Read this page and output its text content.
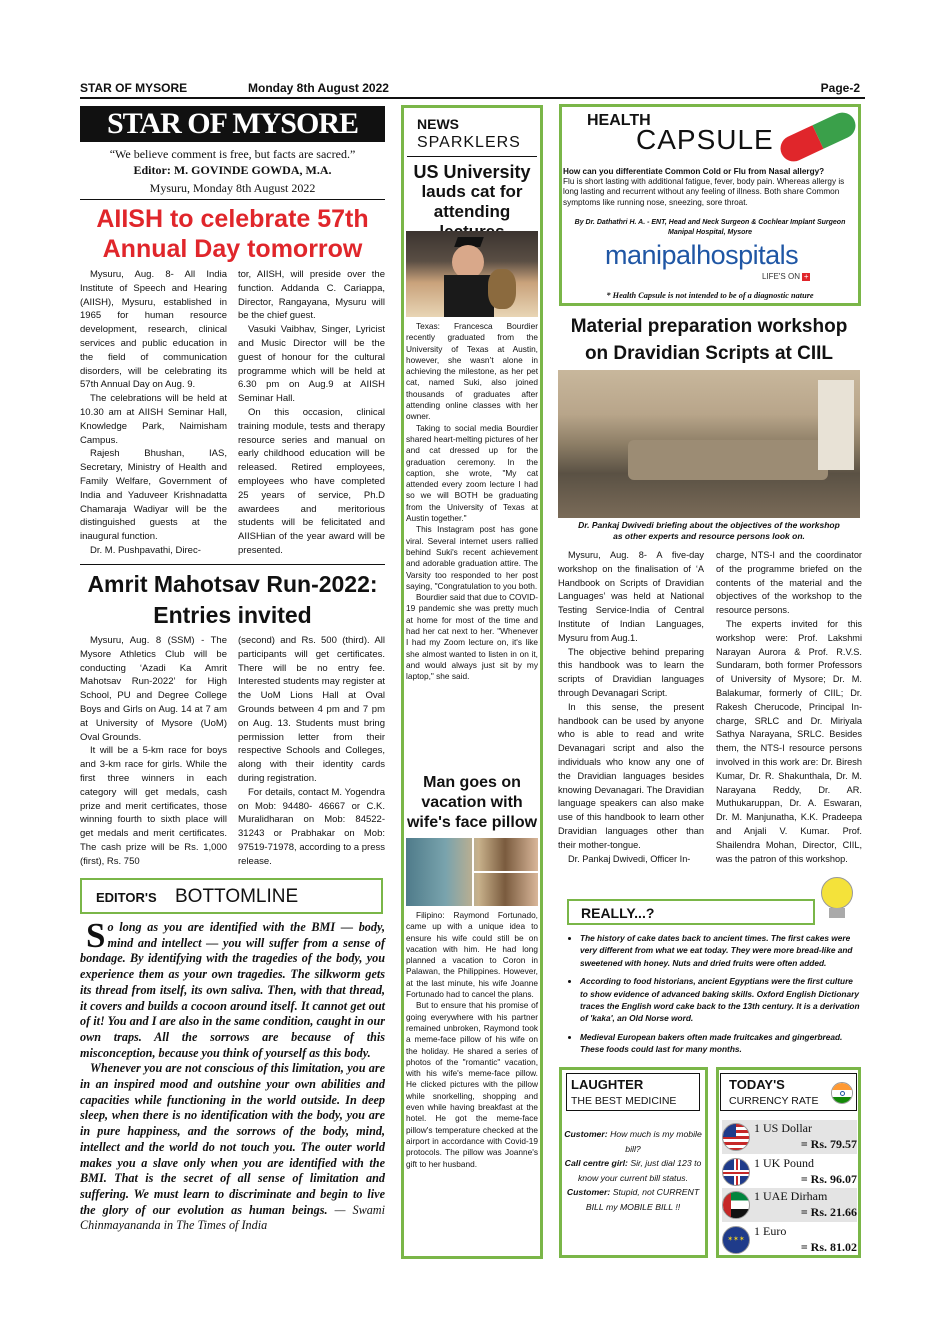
STAR OF MYSORE	Monday 8th August 2022	Page-2
STAR OF MYSORE
“We believe comment is free, but facts are sacred.”
Editor: M. GOVINDE GOWDA, M.A.
Mysuru, Monday 8th August 2022
AIISH to celebrate 57th
Annual Day tomorrow

Mysuru, Aug. 8- All India Institute of Speech and Hearing (AIISH), Mysuru, established in 1965 for human resource development, research, clinical services and public education in the field of communication disorders, will be celebrating its 57th Annual Day on Aug. 9.

The celebrations will be held at 10.30 am at AIISH Seminar Hall, Knowledge Park, Naimisham Campus.

Rajesh Bhushan, IAS, Secretary, Ministry of Health and Family Welfare, Government of India and Yaduveer Krishnadatta Chamaraja Wadiyar will be the distinguished guests at the inaugural function.

Dr. M. Pushpavathi, Direc-

tor, AIISH, will preside over the function. Addanda C. Cariappa, Director, Rangayana, Mysuru will be the chief guest.

Vasuki Vaibhav, Singer, Lyricist and Music Director will be the guest of honour for the cultural programme which will be held at 6.30 pm on Aug.9 at AIISH Seminar Hall.

On this occasion, clinical training module, tests and therapy resource series and manual on early childhood education will be released. Retired employees, employees who have completed 25 years of service, Ph.D awardees and meritorious students will be felicitated and AIISHian of the year award will be presented.

Amrit Mahotsav Run-2022:
Entries invited

Mysuru, Aug. 8 (SSM) - The Mysore Athletics Club will be conducting ‘Azadi Ka Amrit Mahotsav Run-2022’ for High School, PU and Degree College Boys and Girls on Aug. 14 at 7 am at University of Mysore (UoM) Oval Grounds.

It will be a 5-km race for boys and 3-km race for girls. While the first three winners in each category will get medals, cash prize and merit certificates, those winning fourth to sixth place will get medals and merit certificates. The cash prize will be Rs. 1,000 (first), Rs. 750

(second) and Rs. 500 (third). All participants will get certificates. There will be no entry fee. Interested students may register at the UoM Lions Hall at Oval Grounds between 4 pm and 7 pm on Aug. 13. Students must bring permission letter from their respective Schools and Colleges, along with their identity cards during registration.

For details, contact M. Yogendra on Mob: 94480- 46667 or C.K. Muralidharan on Mob: 84522-31243 or Prabhakar on Mob: 97519-71978, according to a press release.

EDITOR'S BOTTOMLINE
So long as you are identified with the BMI — body, mind and intellect — you will suffer from a sense of bondage. By identifying with the tragedies of the body, you experience them as your own tragedies. The silkworm gets its thread from itself, its own saliva. Then, with that thread, it covers and builds a cocoon around itself. It cannot get out of it! You and I are also in the same condition, caught in our own traps. All the sorrows are because of this misconception, because you think of yourself as this body.
Whenever you are not conscious of this limitation, you are in an inspired mood and outshine your own abilities and capacities while functioning in the world outside. In deep sleep, when there is no identification with the body, you are in pure happiness, and the sorrows of the body, mind, intellect and the world do not touch you. The outer world makes you a slave only when you are identified with the BMI. That is the secret of all sense of limitation and suffering. We must learn to discriminate and begin to live the glory of our evolution as human beings. — Swami Chinmayananda in The Times of India
NEWS
SPARKLERS
US University
lauds cat for
attending

Texas: Francesca Bourdier recently graduated from the University of Texas at Austin, however, she wasn’t alone in achieving the milestone, as her pet cat, named Suki, also joined thousands of graduates after attending online classes with her owner.

Taking to social media Bourdier shared heart-melting pictures of her and cat dressed up for the graduation ceremony. In the caption, she wrote, "My cat attended every zoom lecture I had so we will BOTH be graduating from the University of Texas at Austin together."

This Instagram post has gone viral. Several internet users rallied behind Suki's recent achievement and adorable graduation attire. The Varsity too responded to her post saying, "Congratulation to you both.

Bourdier said that due to COVID-19 pandemic she was pretty much at home for most of the time and had her cat next to her. "Whenever I had my Zoom lecture on, it's like she almost wanted to listen in on it, and would always just sit by my laptop," she said.

Man goes on
vacation with
wife's face pillow

Filipino: Raymond Fortunado, came up with a unique idea to ensure his wife could still be on vacation with him. He had long planned a vacation to Coron in Palawan, the Philippines. However, at the last minute, his wife Joanne Fortunado had to cancel the plans.

But to ensure that his promise of going everywhere with his partner remained unbroken, Raymond took a meme-face pillow of his wife on the holiday. He shared a series of photos of the "romantic" vacation, with his wife's meme-face pillow. He clicked pictures with the pillow while snorkelling, shopping and even while having breakfast at the hotel. He got the meme-face pillow's temperature checked at the airport in accordance with Covid-19 protocols. The pillow was Joanne's gift to her husband.

HEALTH
CAPSULE
How can you differentiate Common Cold or Flu from Nasal allergy?
Flu is short lasting with additional fatigue, fever, body pain. Whereas allergy is long lasting and recurrent without any feeling of illness. Both share Common symptoms like running nose, sneezing, sore throat.
By Dr. Dathathri H. A. - ENT, Head and Neck Surgeon & Cochlear Implant Surgeon
Manipal Hospital, Mysore
manipalhospitals
LIFE'S ON +
* Health Capsule is not intended to be of a diagnostic nature
Material preparation workshop
on Dravidian Scripts at CIIL
Dr. Pankaj Dwivedi briefing about the objectives of the workshop
as other experts and resource persons look on.

Mysuru, Aug. 8- A five-day workshop on the finalisation of ‘A Handbook on Scripts of Dravidian Languages’ was held at National Testing Service-India of Central Institute of Indian Languages, Mysuru from Aug.1.

The objective behind preparing this handbook was to learn the scripts of Dravidian languages through Devanagari Script.

In this sense, the present handbook can be used by anyone who is able to read and write Devanagari script and also the individuals who know any one of the Dravidian languages besides knowing Devanagari. The Dravidian language speakers can also make use of this handbook to learn other Dravidian languages other than their mother-tongue.

Dr. Pankaj Dwivedi, Officer In-

charge, NTS-I and the coordinator of the programme briefed on the contents of the material and the objectives of the workshop to the resource persons.

The experts invited for this workshop were: Prof. Lakshmi Narayan Aurora & Prof. R.V.S. Sundaram, both former Professors of University of Mysore; Dr. M. Balakumar, formerly of CIIL; Dr. Rakesh Cherucode, Principal In-charge, SRLC and Dr. Miriyala Sathya Narayana, SRLC. Besides them, the NTS-I resource persons involved in this work are: Dr. Biresh Kumar, Dr. R. Shakunthala, Dr. M. Narayana Reddy, Dr. AR. Muthukaruppan, Dr. A. Eswaran, Dr. M. Manjunatha, K.K. Pradeepa and Anjali V. Kumar. Prof. Shailendra Mohan, Director, CIIL, was the patron of this workshop.

REALLY...?
• The history of cake dates back to ancient times. The first cakes were very different from what we eat today. They were more bread-like and sweetened with honey. Nuts and dried fruits were often added.
• According to food historians, ancient Egyptians were the first culture to show evidence of advanced baking skills. Oxford English Dictionary traces the English word cake back to the 13th century. It is a derivation of 'kaka', an Old Norse word.
• Medieval European bakers often made fruitcakes and gingerbread. These foods could last for many months.
LAUGHTER
THE BEST MEDICINE
Customer: How much is my mobile bill?
Call centre girl: Sir, just dial 123 to know your current bill status.
Customer: Stupid, not CURRENT BILL my MOBILE BILL !!
TODAY'S
CURRENCY RATE
1 US Dollar
= Rs. 79.57
1 UK Pound
= Rs. 96.07
1 UAE Dirham
= Rs. 21.66
✶✶✶
1 Euro
= Rs. 81.02
